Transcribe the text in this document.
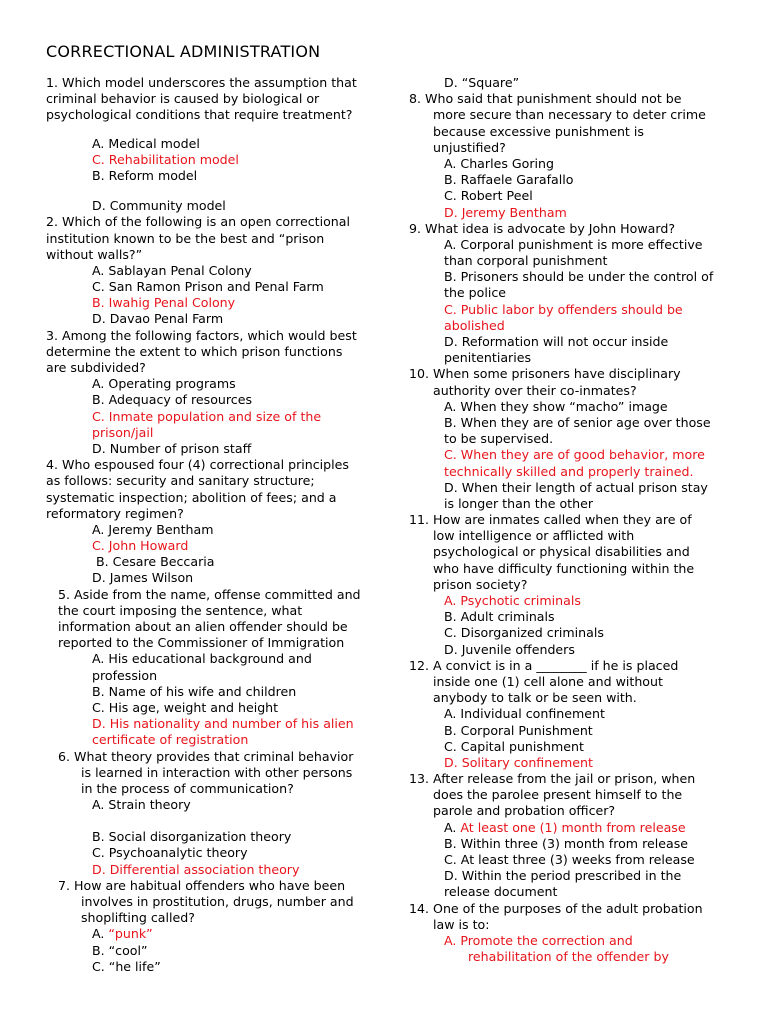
CORRECTIONAL ADMINISTRATION
1. Which model underscores the assumption that
criminal behavior is caused by biological or
psychological conditions that require treatment?
A. Medical model
C. Rehabilitation model
B. Reform model
D. Community model
2. Which of the following is an open correctional
institution known to be the best and “prison
without walls?”
A. Sablayan Penal Colony
C. San Ramon Prison and Penal Farm
B. Iwahig Penal Colony
D. Davao Penal Farm
3. Among the following factors, which would best
determine the extent to which prison functions
are subdivided?
A. Operating programs
B. Adequacy of resources
C. Inmate population and size of the
prison/jail
D. Number of prison staff
4. Who espoused four (4) correctional principles
as follows: security and sanitary structure;
systematic inspection; abolition of fees; and a
reformatory regimen?
A. Jeremy Bentham
C. John Howard
B. Cesare Beccaria
D. James Wilson
5. Aside from the name, offense committed and
the court imposing the sentence, what
information about an alien offender should be
reported to the Commissioner of Immigration
A. His educational background and
profession
B. Name of his wife and children
C. His age, weight and height
D. His nationality and number of his alien
certificate of registration
6. What theory provides that criminal behavior
is learned in interaction with other persons
in the process of communication?
A. Strain theory
B. Social disorganization theory
C. Psychoanalytic theory
D. Differential association theory
7. How are habitual offenders who have been
involves in prostitution, drugs, number and
shoplifting called?
A. “punk”
B. “cool”
C. “he life”
D. “Square”
8. Who said that punishment should not be
more secure than necessary to deter crime
because excessive punishment is
unjustified?
A. Charles Goring
B. Raffaele Garafallo
C. Robert Peel
D. Jeremy Bentham
9. What idea is advocate by John Howard?
A. Corporal punishment is more effective
than corporal punishment
B. Prisoners should be under the control of
the police
C. Public labor by offenders should be
abolished
D. Reformation will not occur inside
penitentiaries
10. When some prisoners have disciplinary
authority over their co-inmates?
A. When they show “macho” image
B. When they are of senior age over those
to be supervised.
C. When they are of good behavior, more
technically skilled and properly trained.
D. When their length of actual prison stay
is longer than the other
11. How are inmates called when they are of
low intelligence or afflicted with
psychological or physical disabilities and
who have difficulty functioning within the
prison society?
A. Psychotic criminals
B. Adult criminals
C. Disorganized criminals
D. Juvenile offenders
12. A convict is in a ________ if he is placed
inside one (1) cell alone and without
anybody to talk or be seen with.
A. Individual confinement
B. Corporal Punishment
C. Capital punishment
D. Solitary confinement
13. After release from the jail or prison, when
does the parolee present himself to the
parole and probation officer?
A. At least one (1) month from release
B. Within three (3) month from release
C. At least three (3) weeks from release
D. Within the period prescribed in the
release document
14. One of the purposes of the adult probation
law is to:
A. Promote the correction and
rehabilitation of the offender by
